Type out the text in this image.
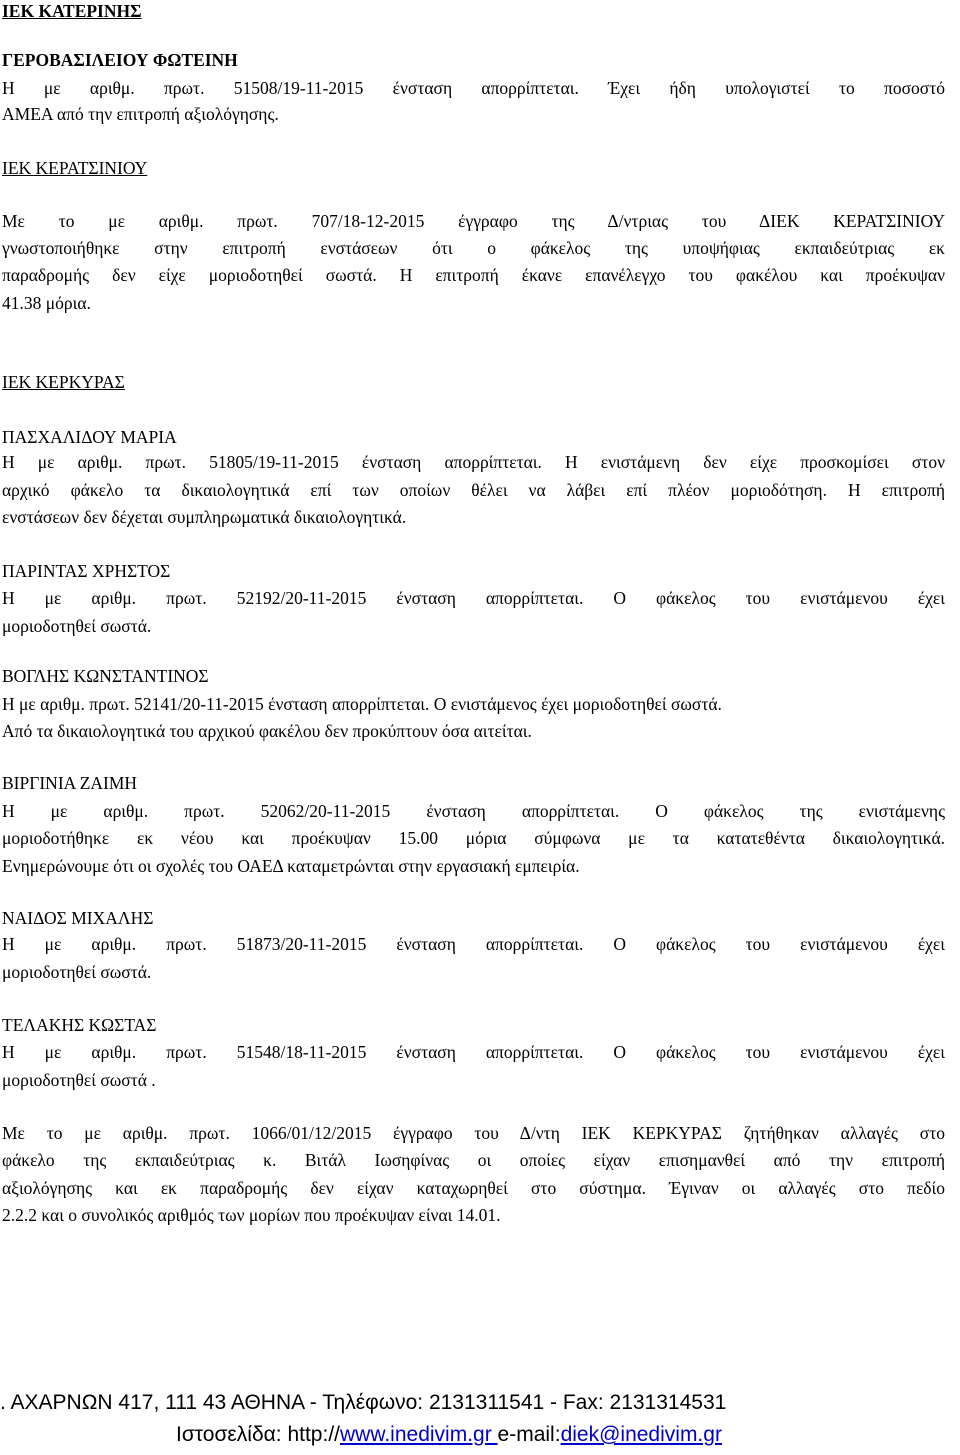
ΙΕΚ ΚΑΤΕΡΙΝΗΣ
ΓΕΡΟΒΑΣΙΛΕΙΟΥ ΦΩΤΕΙΝΗ
Η με αριθμ. πρωτ. 51508/19-11-2015 ένσταση απορρίπτεται. Έχει ήδη υπολογιστεί το ποσοστό
ΑΜΕΑ από την επιτροπή αξιολόγησης.
ΙΕΚ ΚΕΡΑΤΣΙΝΙΟΥ
Με το με αριθμ. πρωτ. 707/18-12-2015 έγγραφο της Δ/ντριας του ΔΙΕΚ ΚΕΡΑΤΣΙΝΙΟΥ
γνωστοποιήθηκε στην επιτροπή ενστάσεων ότι ο φάκελος της υποψήφιας εκπαιδεύτριας εκ
παραδρομής δεν είχε μοριοδοτηθεί σωστά. Η επιτροπή έκανε επανέλεγχο του φακέλου και προέκυψαν
41.38 μόρια.
ΙΕΚ ΚΕΡΚΥΡΑΣ
ΠΑΣΧΑΛΙΔΟΥ ΜΑΡΙΑ
Η με αριθμ. πρωτ. 51805/19-11-2015 ένσταση απορρίπτεται. Η ενιστάμενη δεν είχε προσκομίσει στον
αρχικό φάκελο τα δικαιολογητικά επί των οποίων θέλει να λάβει επί πλέον μοριοδότηση. Η επιτροπή
ενστάσεων δεν δέχεται συμπληρωματικά δικαιολογητικά.
ΠΑΡΙΝΤΑΣ ΧΡΗΣΤΟΣ
Η με αριθμ. πρωτ. 52192/20-11-2015 ένσταση απορρίπτεται. Ο φάκελος του ενιστάμενου έχει
μοριοδοτηθεί σωστά.
ΒΟΓΛΗΣ ΚΩΝΣΤΑΝΤΙΝΟΣ
Η με αριθμ. πρωτ. 52141/20-11-2015 ένσταση απορρίπτεται. Ο ενιστάμενος έχει μοριοδοτηθεί σωστά.
Από τα δικαιολογητικά του αρχικού φακέλου δεν προκύπτουν όσα αιτείται.
ΒΙΡΓΙΝΙΑ ΖΑΙΜΗ
Η με αριθμ. πρωτ. 52062/20-11-2015 ένσταση απορρίπτεται. Ο φάκελος της ενιστάμενης
μοριοδοτήθηκε εκ νέου και προέκυψαν 15.00 μόρια σύμφωνα με τα κατατεθέντα δικαιολογητικά.
Ενημερώνουμε ότι οι σχολές του ΟΑΕΔ καταμετρώνται στην εργασιακή εμπειρία.
ΝΑΙΔΟΣ ΜΙΧΑΛΗΣ
Η με αριθμ. πρωτ. 51873/20-11-2015 ένσταση απορρίπτεται. Ο φάκελος του ενιστάμενου έχει
μοριοδοτηθεί σωστά.
ΤΕΛΑΚΗΣ ΚΩΣΤΑΣ
Η με αριθμ. πρωτ. 51548/18-11-2015 ένσταση απορρίπτεται. Ο φάκελος του ενιστάμενου έχει
μοριοδοτηθεί σωστά .
Με το με αριθμ. πρωτ. 1066/01/12/2015 έγγραφο του Δ/ντη ΙΕΚ ΚΕΡΚΥΡΑΣ ζητήθηκαν αλλαγές στο
φάκελο της εκπαιδεύτριας κ. Βιτάλ Ιωσηφίνας οι οποίες είχαν επισημανθεί από την επιτροπή
αξιολόγησης και εκ παραδρομής δεν είχαν καταχωρηθεί στο σύστημα. Έγιναν οι αλλαγές στο πεδίο
2.2.2 και ο συνολικός αριθμός των μορίων που προέκυψαν είναι 14.01.
. ΑΧΑΡΝΩΝ 417, 111 43 ΑΘΗΝΑ - Τηλέφωνο: 2131311541 - Fax: 2131314531
Ιστοσελίδα: http://www.inedivim.gr e-mail:diek@inedivim.gr
